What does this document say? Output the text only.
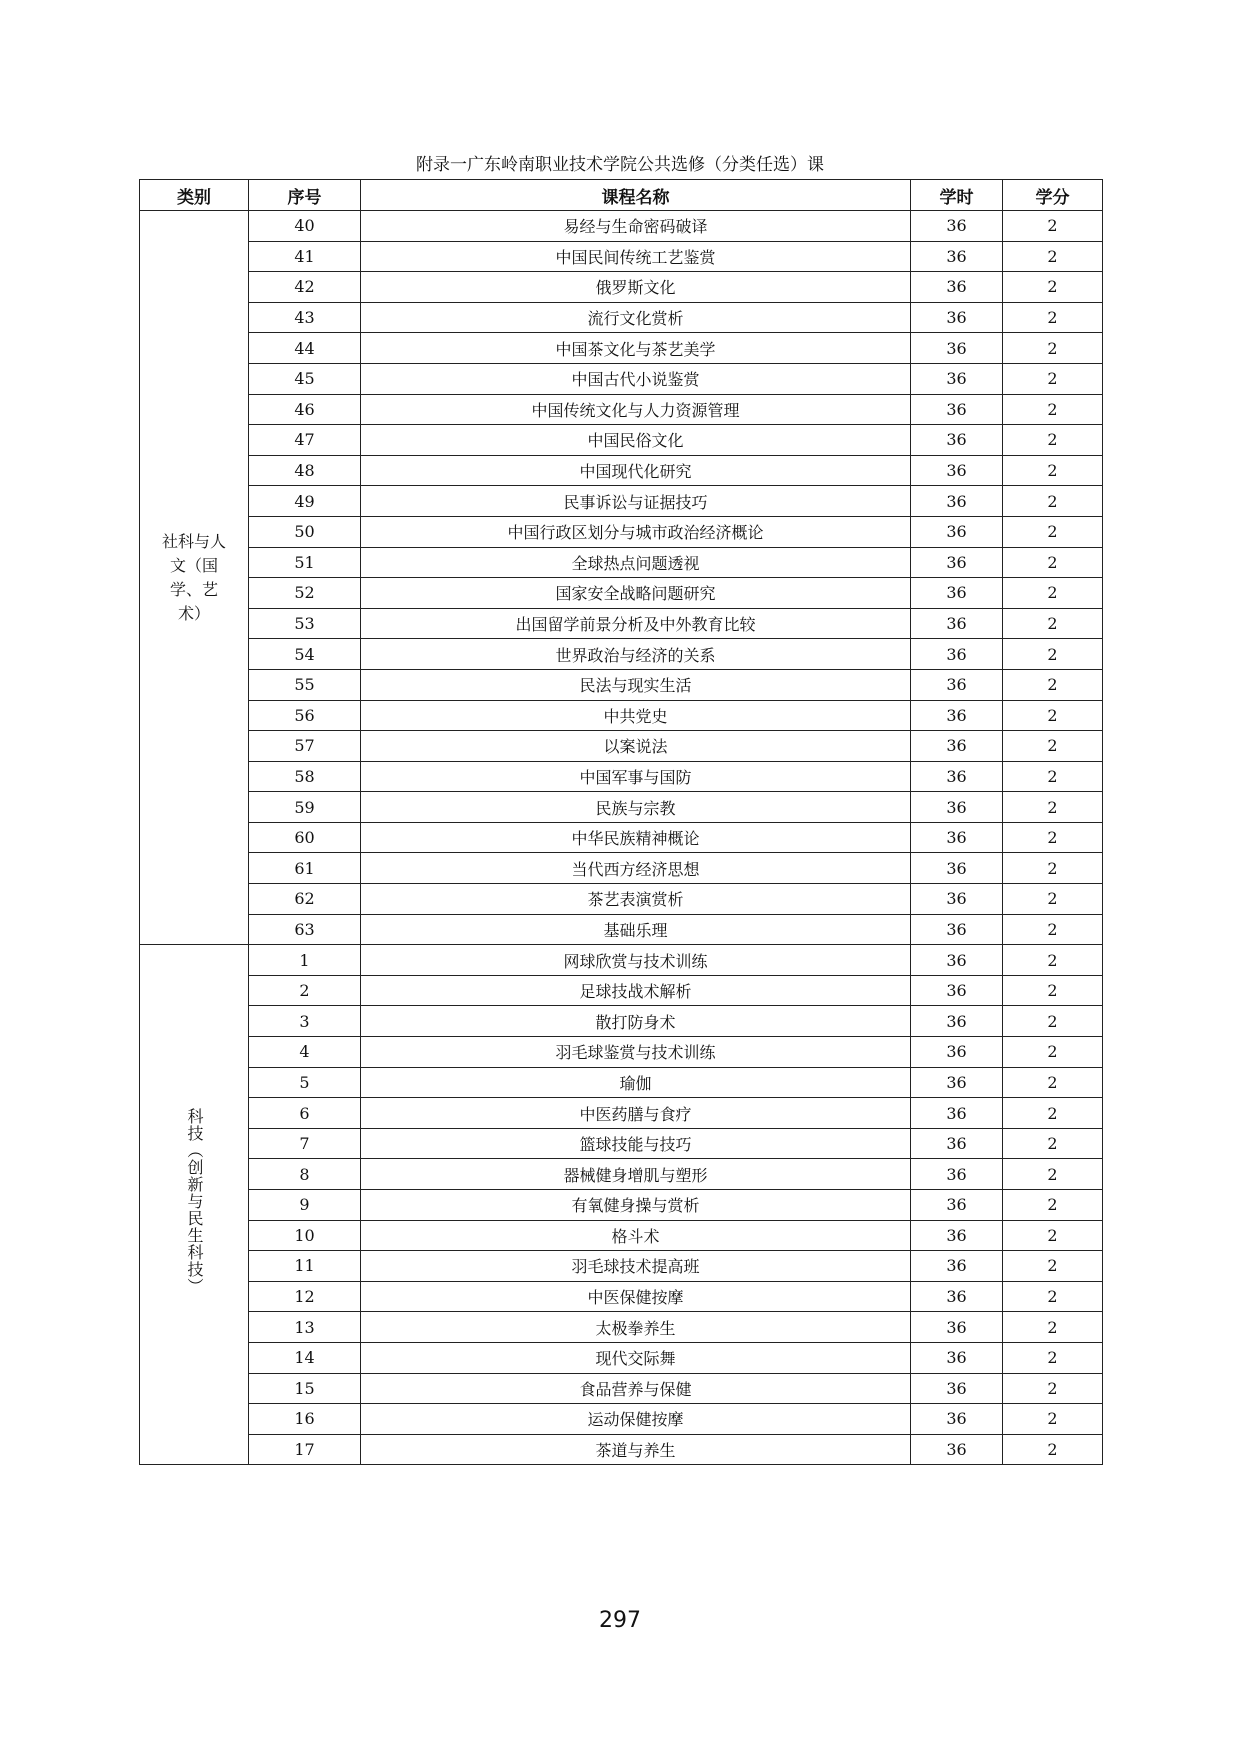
附录一广东岭南职业技术学院公共选修（分类任选）课
类别	序号	课程名称	学时	学分
社科与人文（国学、艺术）	40	易经与生命密码破译	36	2
	41	中国民间传统工艺鉴赏	36	2
	42	俄罗斯文化	36	2
	43	流行文化赏析	36	2
	44	中国茶文化与茶艺美学	36	2
	45	中国古代小说鉴赏	36	2
	46	中国传统文化与人力资源管理	36	2
	47	中国民俗文化	36	2
	48	中国现代化研究	36	2
	49	民事诉讼与证据技巧	36	2
	50	中国行政区划分与城市政治经济概论	36	2
	51	全球热点问题透视	36	2
	52	国家安全战略问题研究	36	2
	53	出国留学前景分析及中外教育比较	36	2
	54	世界政治与经济的关系	36	2
	55	民法与现实生活	36	2
	56	中共党史	36	2
	57	以案说法	36	2
	58	中国军事与国防	36	2
	59	民族与宗教	36	2
	60	中华民族精神概论	36	2
	61	当代西方经济思想	36	2
	62	茶艺表演赏析	36	2
	63	基础乐理	36	2
科技（创新与民生科技）	1	网球欣赏与技术训练	36	2
	2	足球技战术解析	36	2
	3	散打防身术	36	2
	4	羽毛球鉴赏与技术训练	36	2
	5	瑜伽	36	2
	6	中医药膳与食疗	36	2
	7	篮球技能与技巧	36	2
	8	器械健身增肌与塑形	36	2
	9	有氧健身操与赏析	36	2
	10	格斗术	36	2
	11	羽毛球技术提高班	36	2
	12	中医保健按摩	36	2
	13	太极拳养生	36	2
	14	现代交际舞	36	2
	15	食品营养与保健	36	2
	16	运动保健按摩	36	2
	17	茶道与养生	36	2
297
